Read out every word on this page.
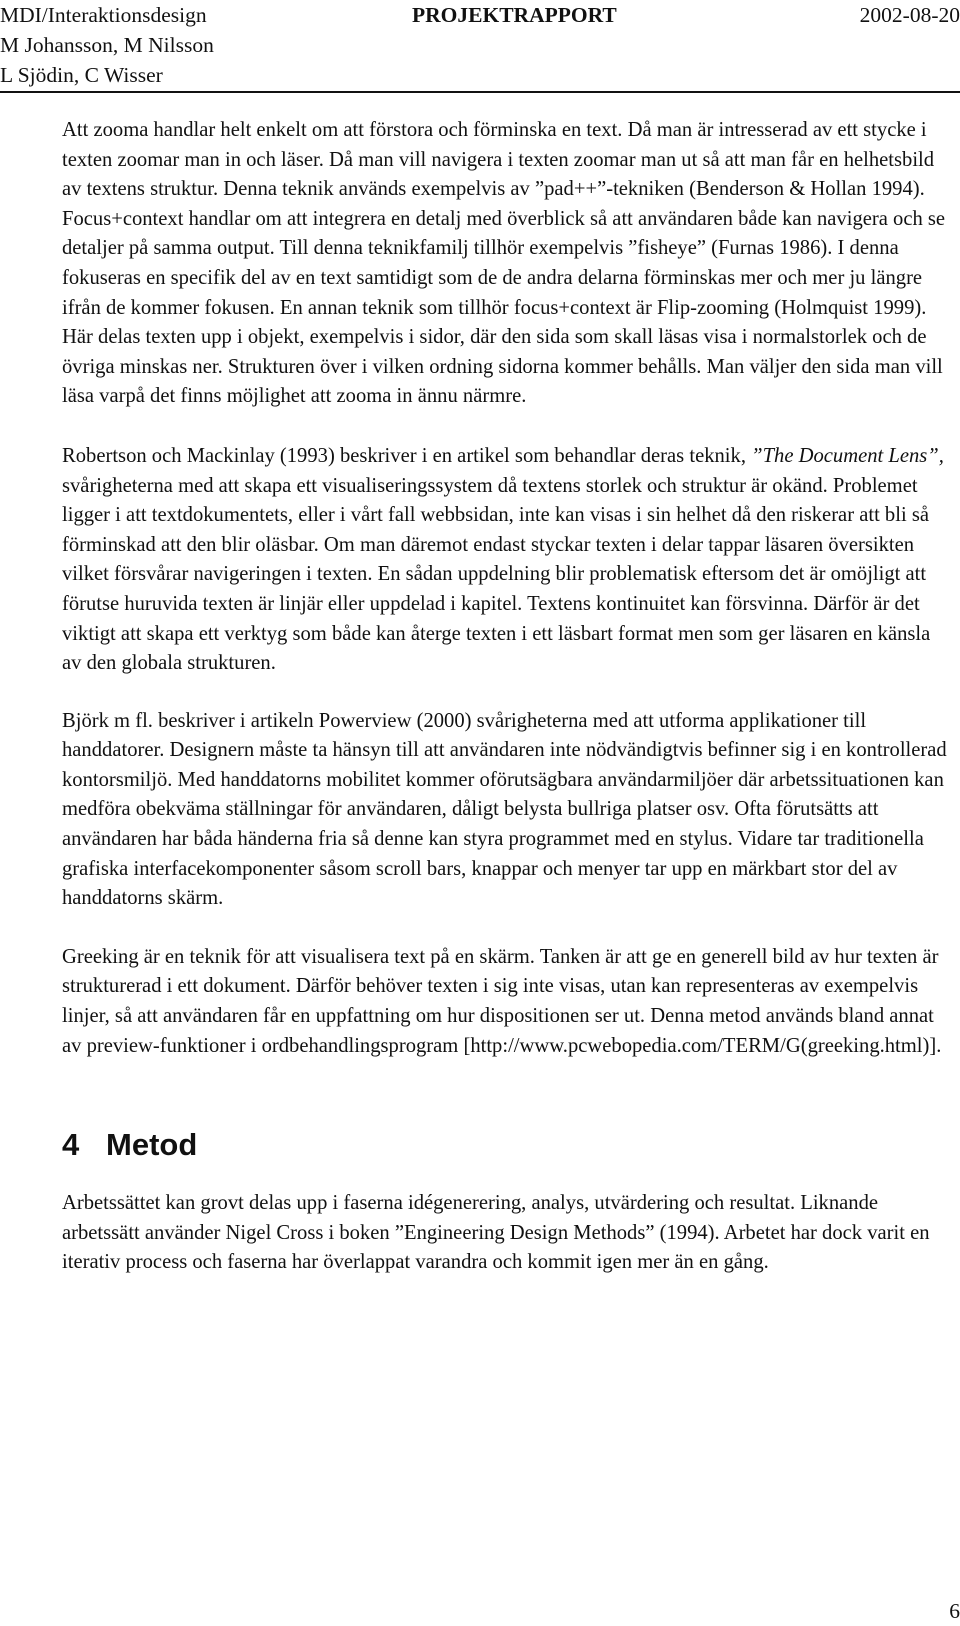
MDI/Interaktionsdesign
M Johansson, M Nilsson
L Sjödin, C Wisser
PROJEKTRAPPORT	2002-08-20

Att zooma handlar helt enkelt om att förstora och förminska en text. Då man är intresserad av ett stycke i texten zoomar man in och läser. Då man vill navigera i texten zoomar man ut så att man får en helhetsbild av textens struktur. Denna teknik används exempelvis av ”pad++”-tekniken (Benderson & Hollan 1994). Focus+context handlar om att integrera en detalj med överblick så att användaren både kan navigera och se detaljer på samma output. Till denna teknikfamilj tillhör exempelvis ”fisheye” (Furnas 1986). I denna fokuseras en specifik del av en text samtidigt som de de andra delarna förminskas mer och mer ju längre ifrån de kommer fokusen. En annan teknik som tillhör focus+context är Flip-zooming (Holmquist 1999). Här delas texten upp i objekt, exempelvis i sidor, där den sida som skall läsas visa i normalstorlek och de övriga minskas ner. Strukturen över i vilken ordning sidorna kommer behålls. Man väljer den sida man vill läsa varpå det finns möjlighet att zooma in ännu närmre.

Robertson och Mackinlay (1993) beskriver i en artikel som behandlar deras teknik, ”The Document Lens”, svårigheterna med att skapa ett visualiseringssystem då textens storlek och struktur är okänd. Problemet ligger i att textdokumentets, eller i vårt fall webbsidan, inte kan visas i sin helhet då den riskerar att bli så förminskad att den blir oläsbar. Om man däremot endast styckar texten i delar tappar läsaren översikten vilket försvårar navigeringen i texten. En sådan uppdelning blir problematisk eftersom det är omöjligt att förutse huruvida texten är linjär eller uppdelad i kapitel. Textens kontinuitet kan försvinna. Därför är det viktigt att skapa ett verktyg som både kan återge texten i ett läsbart format men som ger läsaren en känsla av den globala strukturen.

Björk m fl. beskriver i artikeln Powerview (2000) svårigheterna med att utforma applikationer till handdatorer. Designern måste ta hänsyn till att användaren inte nödvändigtvis befinner sig i en kontrollerad kontorsmiljö. Med handdatorns mobilitet kommer oförutsägbara användarmiljöer där arbetssituationen kan medföra obekväma ställningar för användaren, dåligt belysta bullriga platser osv. Ofta förutsätts att användaren har båda händerna fria så denne kan styra programmet med en stylus. Vidare tar traditionella grafiska interfacekomponenter såsom scroll bars, knappar och menyer tar upp en märkbart stor del av handdatorns skärm.

Greeking är en teknik för att visualisera text på en skärm. Tanken är att ge en generell bild av hur texten är strukturerad i ett dokument. Därför behöver texten i sig inte visas, utan kan representeras av exempelvis linjer, så att användaren får en uppfattning om hur dispositionen ser ut. Denna metod används bland annat av preview-funktioner i ordbehandlingsprogram [http://www.pcwebopedia.com/TERM/G(greeking.html)].

4 Metod

Arbetssättet kan grovt delas upp i faserna idégenerering, analys, utvärdering och resultat. Liknande arbetssätt använder Nigel Cross i boken ”Engineering Design Methods” (1994). Arbetet har dock varit en iterativ process och faserna har överlappat varandra och kommit igen mer än en gång.

6
